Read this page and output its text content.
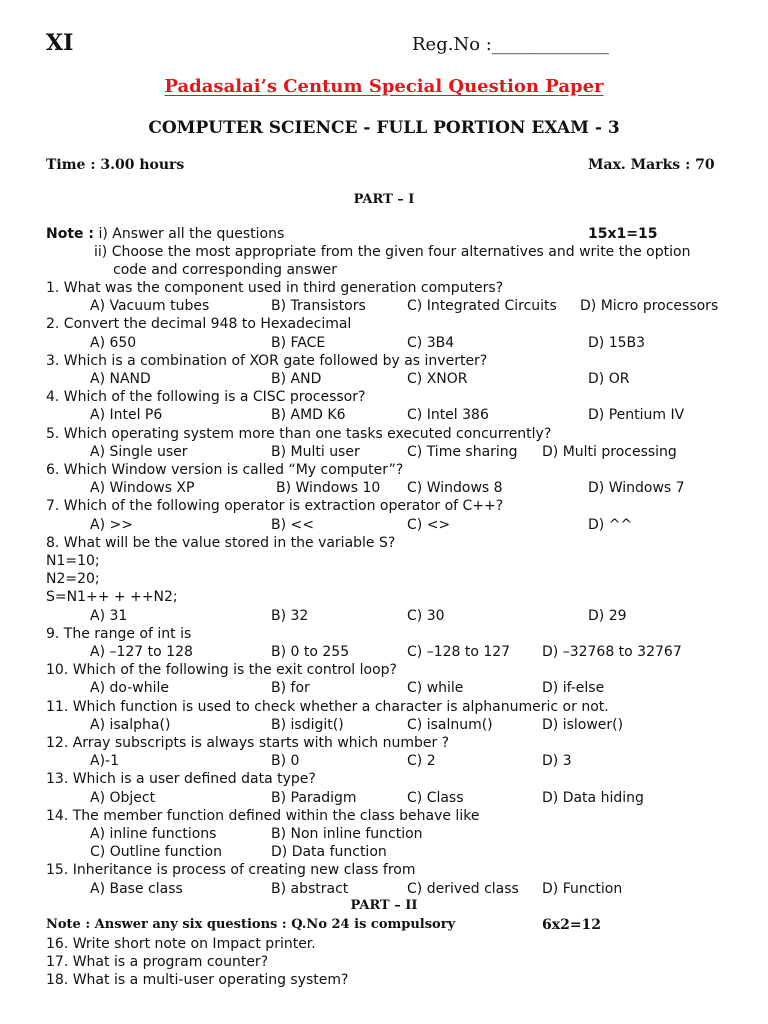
XI	Reg.No :_____________
Padasalai’s Centum Special Question Paper
COMPUTER SCIENCE - FULL PORTION EXAM - 3
Time : 3.00 hours	Max. Marks : 70
PART – I
Note : i) Answer all the questions	15x1=15
ii) Choose the most appropriate from the given four alternatives and write the option
code and corresponding answer
1. What was the component used in third generation computers?
A) Vacuum tubes	B) Transistors	C) Integrated Circuits D) Micro processors
2. Convert the decimal 948 to Hexadecimal
A) 650	B) FACE	C) 3B4	D) 15B3
3. Which is a combination of XOR gate followed by as inverter?
A) NAND	B) AND	C) XNOR	D) OR
4. Which of the following is a CISC processor?
A) Intel P6	B) AMD K6	C) Intel 386	D) Pentium IV
5. Which operating system more than one tasks executed concurrently?
A) Single user	B) Multi user	C) Time sharing D) Multi processing
6. Which Window version is called “My computer”?
A) Windows XP	B) Windows 10 C) Windows 8	D) Windows 7
7. Which of the following operator is extraction operator of C++?
A) >>	B) <<	C) <>	D) ^^
8. What will be the value stored in the variable S?
N1=10;
N2=20;
S=N1++ + ++N2;
A) 31	B) 32	C) 30	D) 29
9. The range of int is
A) –127 to 128	B) 0 to 255	C) –128 to 127 D) –32768 to 32767
10. Which of the following is the exit control loop?
A) do-while	B) for	C) while	D) if-else
11. Which function is used to check whether a character is alphanumeric or not.
A) isalpha()	B) isdigit()	C) isalnum()	D) islower()
12. Array subscripts is always starts with which number ?
A)-1	B) 0	C) 2	D) 3
13. Which is a user defined data type?
A) Object	B) Paradigm	C) Class	D) Data hiding
14. The member function defined within the class behave like
A) inline functions	B) Non inline function
C) Outline function	D) Data function
15. Inheritance is process of creating new class from
A) Base class	B) abstract	C) derived class D) Function
PART – II
Note : Answer any six questions : Q.No 24 is compulsory	6x2=12
16. Write short note on Impact printer.
17. What is a program counter?
18. What is a multi-user operating system?
